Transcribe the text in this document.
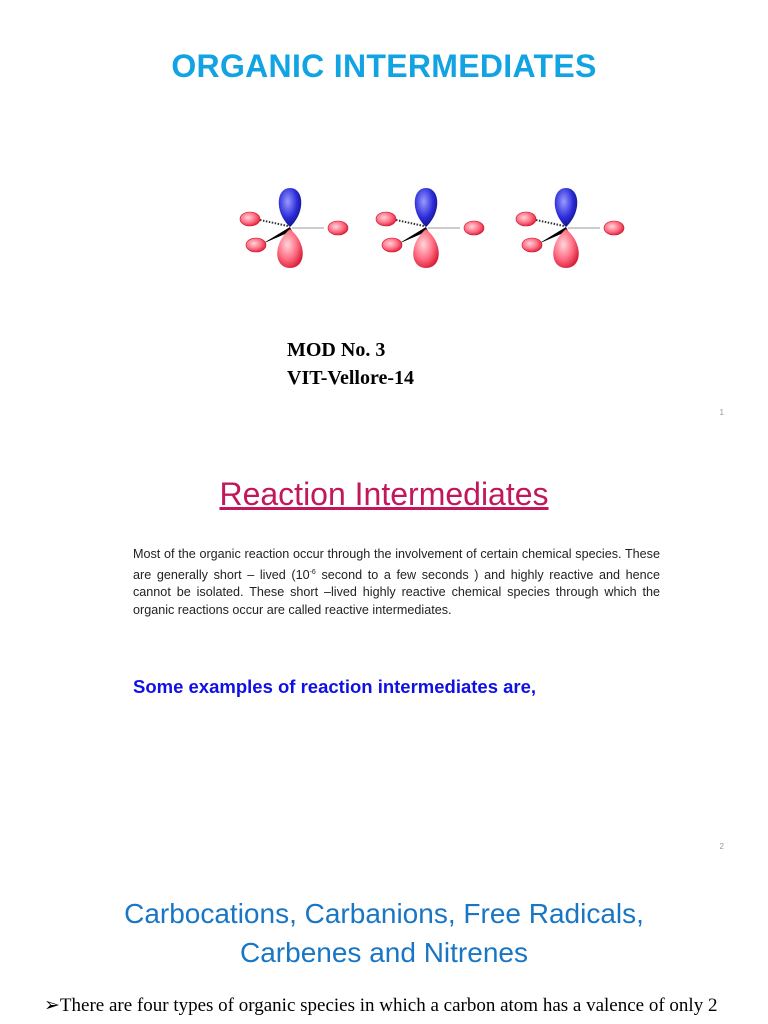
ORGANIC INTERMEDIATES
MOD No. 3
VIT-Vellore-14
1
Reaction Intermediates
Most of the organic reaction occur through the involvement of certain chemical species. These are generally short – lived ($10^{-6}$ second to a few seconds ) and highly reactive and hence cannot be isolated. These short –lived highly reactive chemical species through which the organic reactions occur are called reactive intermediates.
Some examples of reaction intermediates are,
2
Carbocations, Carbanions, Free Radicals,
Carbenes and Nitrenes
➢There are four types of organic species in which a carbon atom has a valence of only 2
